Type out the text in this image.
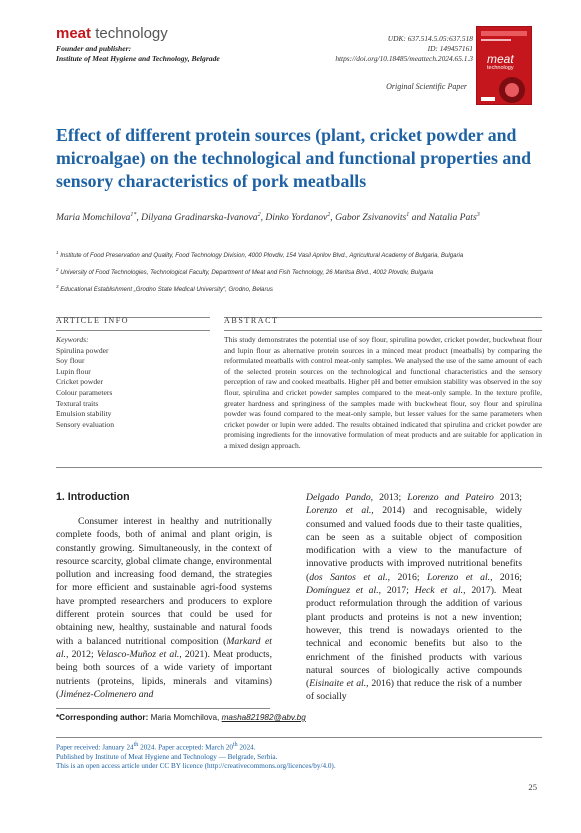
meat technology
Founder and publisher:
Institute of Meat Hygiene and Technology, Belgrade
UDK: 637.514.5.05:637.518
ID: 149457161
https://doi.org/10.18485/meattech.2024.65.1.3
Original Scientific Paper
meat
technology
Effect of different protein sources (plant, cricket powder and microalgae) on the technological and functional properties and sensory characteristics of pork meatballs
Maria Momchilova$^{1*}$, Dilyana Gradinarska-Ivanova$^2$, Dinko Yordanov$^2$, Gabor Zsivanovits$^1$ and Natalia Pats$^3$
$^1$ Institute of Food Preservation and Quality, Food Technology Division, 4000 Plovdiv, 154 Vasil Aprilov Blvd., Agricultural Academy of Bulgaria, Bulgaria
$^2$ University of Food Technologies, Technological Faculty, Department of Meat and Fish Technology, 26 Maritsa Blvd., 4002 Plovdiv, Bulgaria
$^3$ Educational Establishment „Grodno State Medical University“, Grodno, Belarus
ARTICLE INFO	ABSTRACT
Keywords:
Spirulina powder
Soy flour
Lupin flour
Cricket powder
Colour parameters
Textural traits
Emulsion stability
Sensory evaluation
This study demonstrates the potential use of soy flour, spirulina powder, cricket powder, buckwheat flour and lupin flour as alternative protein sources in a minced meat product (meatballs) by comparing the reformulated meatballs with control meat-only samples. We analysed the use of the same amount of each of the selected protein sources on the technological and functional characteristics and the sensory perception of raw and cooked meatballs. Higher pH and better emulsion stability was observed in the soy flour, spirulina and cricket powder samples compared to the meat-only sample. In the texture profile, greater hardness and springiness of the samples made with buckwheat flour, soy flour and spirulina powder was found compared to the meat-only sample, but lesser values for the same parameters when cricket powder or lupin were added. The results obtained indicated that spirulina and cricket powder are promising ingredients for the innovative formulation of meat products and are suitable for application in a mixed design approach.
1. Introduction

Consumer interest in healthy and nutritionally complete foods, both of animal and plant origin, is constantly growing. Simultaneously, in the context of resource scarcity, global climate change, environmental pollution and increasing food demand, the strategies for more efficient and sustainable agri-food systems have prompted researchers and producers to explore different protein sources that could be used for obtaining new, healthy, sustainable and natural foods with a balanced nutritional composition (Markard et al., 2012; Velasco-Muñoz et al., 2021). Meat products, being both sources of a wide variety of important nutrients (proteins, lipids, minerals and vitamins) (Jiménez-Colmenero and

Delgado Pando, 2013; Lorenzo and Pateiro 2013; Lorenzo et al., 2014) and recognisable, widely consumed and valued foods due to their taste qualities, can be seen as a suitable object of composition modification with a view to the manufacture of innovative products with improved nutritional benefits (dos Santos et al., 2016; Lorenzo et al., 2016; Domínguez et al., 2017; Heck et al., 2017). Meat product reformulation through the addition of various plant products and proteins is not a new invention; however, this trend is nowadays oriented to the technical and economic benefits but also to the enrichment of the finished products with various natural sources of biologically active compounds (Eisinaite et al., 2016) that reduce the risk of a number of socially

*Corresponding author: Maria Momchilova, masha821982@abv.bg
Paper received: January 24th 2024. Paper accepted: March 20th 2024.
Published by Institute of Meat Hygiene and Technology — Belgrade, Serbia.
This is an open access article under CC BY licence (http://creativecommons.org/licences/by/4.0).
25
